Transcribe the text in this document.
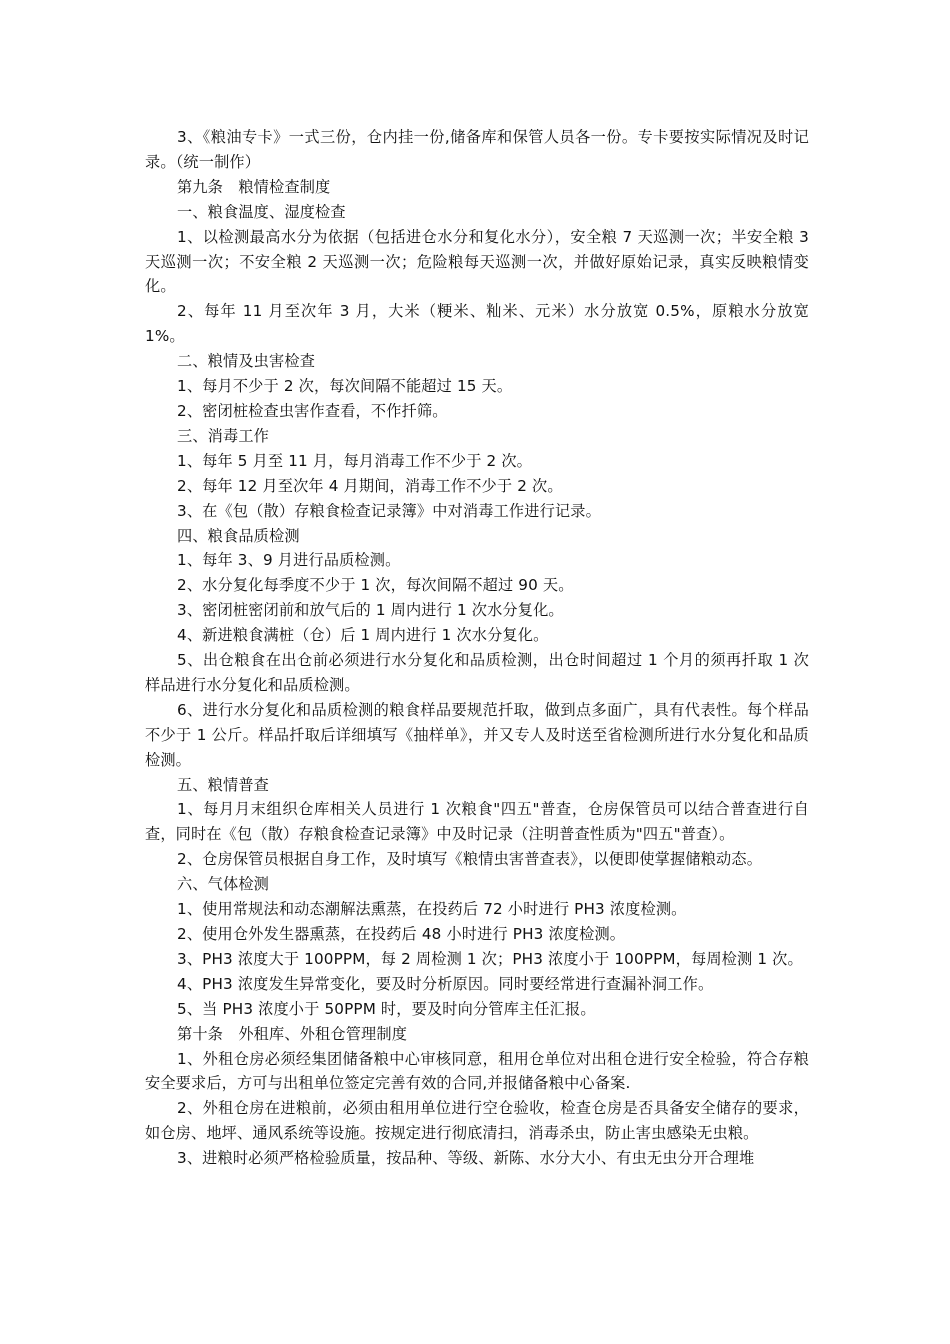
3、《粮油专卡》一式三份，仓内挂一份,储备库和保管人员各一份。专卡要按实际情况及时记录。（统一制作）

第九条　粮情检查制度

一、粮食温度、湿度检查

1、以检测最高水分为依据（包括进仓水分和复化水分），安全粮 7 天巡测一次；半安全粮 3 天巡测一次；不安全粮 2 天巡测一次；危险粮每天巡测一次，并做好原始记录，真实反映粮情变化。

2、每年 11 月至次年 3 月，大米（粳米、籼米、元米）水分放宽 0.5%，原粮水分放宽 1%。

二、粮情及虫害检查

1、每月不少于 2 次，每次间隔不能超过 15 天。

2、密闭桩检查虫害作查看，不作扦筛。

三、消毒工作

1、每年 5 月至 11 月，每月消毒工作不少于 2 次。

2、每年 12 月至次年 4 月期间，消毒工作不少于 2 次。

3、在《包（散）存粮食检查记录簿》中对消毒工作进行记录。

四、粮食品质检测

1、每年 3、9 月进行品质检测。

2、水分复化每季度不少于 1 次，每次间隔不超过 90 天。

3、密闭桩密闭前和放气后的 1 周内进行 1 次水分复化。

4、新进粮食满桩（仓）后 1 周内进行 1 次水分复化。

5、出仓粮食在出仓前必须进行水分复化和品质检测，出仓时间超过 1 个月的须再扦取 1 次样品进行水分复化和品质检测。

6、进行水分复化和品质检测的粮食样品要规范扦取，做到点多面广，具有代表性。每个样品不少于 1 公斤。样品扦取后详细填写《抽样单》，并又专人及时送至省检测所进行水分复化和品质检测。

五、粮情普查

1、每月月末组织仓库相关人员进行 1 次粮食"四五"普查，仓房保管员可以结合普查进行自查，同时在《包（散）存粮食检查记录簿》中及时记录（注明普查性质为"四五"普查）。

2、仓房保管员根据自身工作，及时填写《粮情虫害普查表》，以便即使掌握储粮动态。

六、气体检测

1、使用常规法和动态潮解法熏蒸，在投药后 72 小时进行 PH3 浓度检测。

2、使用仓外发生器熏蒸，在投药后 48 小时进行 PH3 浓度检测。

3、PH3 浓度大于 100PPM，每 2 周检测 1 次；PH3 浓度小于 100PPM，每周检测 1 次。

4、PH3 浓度发生异常变化，要及时分析原因。同时要经常进行查漏补洞工作。

5、当 PH3 浓度小于 50PPM 时，要及时向分管库主任汇报。

第十条　外租库、外租仓管理制度

1、外租仓房必须经集团储备粮中心审核同意，租用仓单位对出租仓进行安全检验，符合存粮安全要求后，方可与出租单位签定完善有效的合同,并报储备粮中心备案.

2、外租仓房在进粮前，必须由租用单位进行空仓验收，检查仓房是否具备安全储存的要求，如仓房、地坪、通风系统等设施。按规定进行彻底清扫，消毒杀虫，防止害虫感染无虫粮。

3、进粮时必须严格检验质量，按品种、等级、新陈、水分大小、有虫无虫分开合理堆
